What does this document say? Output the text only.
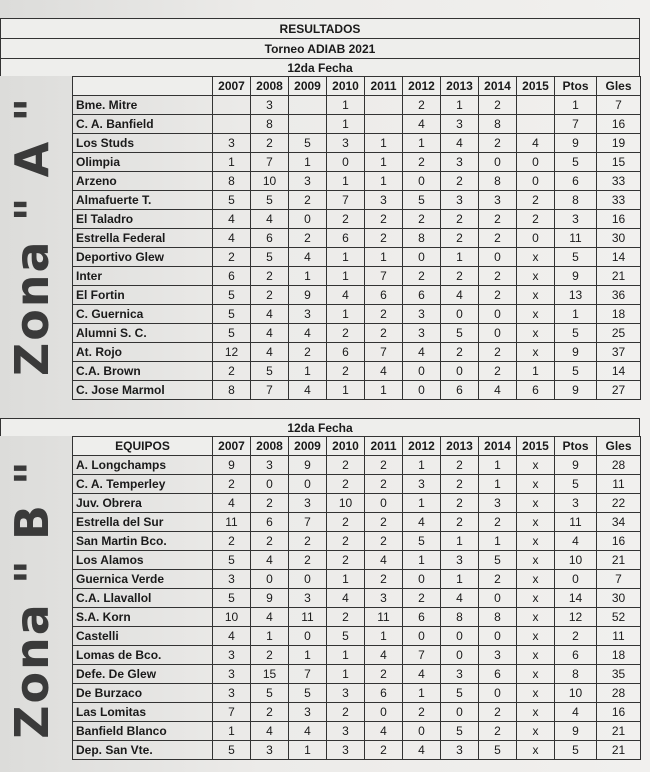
RESULTADOS
Torneo ADIAB 2021
12da Fecha
Zona " A "
	2007	2008	2009	2010	2011	2012	2013	2014	2015	Ptos	Gles
Bme. Mitre		3		1		2	1	2		1	7
C. A. Banfield		8		1		4	3	8		7	16
Los Studs	3	2	5	3	1	1	4	2	4	9	19
Olimpia	1	7	1	0	1	2	3	0	0	5	15
Arzeno	8	10	3	1	1	0	2	8	0	6	33
Almafuerte T.	5	5	2	7	3	5	3	3	2	8	33
El Taladro	4	4	0	2	2	2	2	2	2	3	16
Estrella Federal	4	6	2	6	2	8	2	2	0	11	30
Deportivo Glew	2	5	4	1	1	0	1	0	x	5	14
Inter	6	2	1	1	7	2	2	2	x	9	21
El Fortin	5	2	9	4	6	6	4	2	x	13	36
C. Guernica	5	4	3	1	2	3	0	0	x	1	18
Alumni S. C.	5	4	4	2	2	3	5	0	x	5	25
At. Rojo	12	4	2	6	7	4	2	2	x	9	37
C.A. Brown	2	5	1	2	4	0	0	2	1	5	14
C. Jose Marmol	8	7	4	1	1	0	6	4	6	9	27
12da Fecha
Zona " B "
EQUIPOS	2007	2008	2009	2010	2011	2012	2013	2014	2015	Ptos	Gles
A. Longchamps	9	3	9	2	2	1	2	1	x	9	28
C. A. Temperley	2	0	0	2	2	3	2	1	x	5	11
Juv. Obrera	4	2	3	10	0	1	2	3	x	3	22
Estrella del Sur	11	6	7	2	2	4	2	2	x	11	34
San Martin Bco.	2	2	2	2	2	5	1	1	x	4	16
Los Alamos	5	4	2	2	4	1	3	5	x	10	21
Guernica Verde	3	0	0	1	2	0	1	2	x	0	7
C.A. Llavallol	5	9	3	4	3	2	4	0	x	14	30
S.A. Korn	10	4	11	2	11	6	8	8	x	12	52
Castelli	4	1	0	5	1	0	0	0	x	2	11
Lomas de Bco.	3	2	1	1	4	7	0	3	x	6	18
Defe. De Glew	3	15	7	1	2	4	3	6	x	8	35
De Burzaco	3	5	5	3	6	1	5	0	x	10	28
Las Lomitas	7	2	3	2	0	2	0	2	x	4	16
Banfield Blanco	1	4	4	3	4	0	5	2	x	9	21
Dep. San Vte.	5	3	1	3	2	4	3	5	x	5	21
